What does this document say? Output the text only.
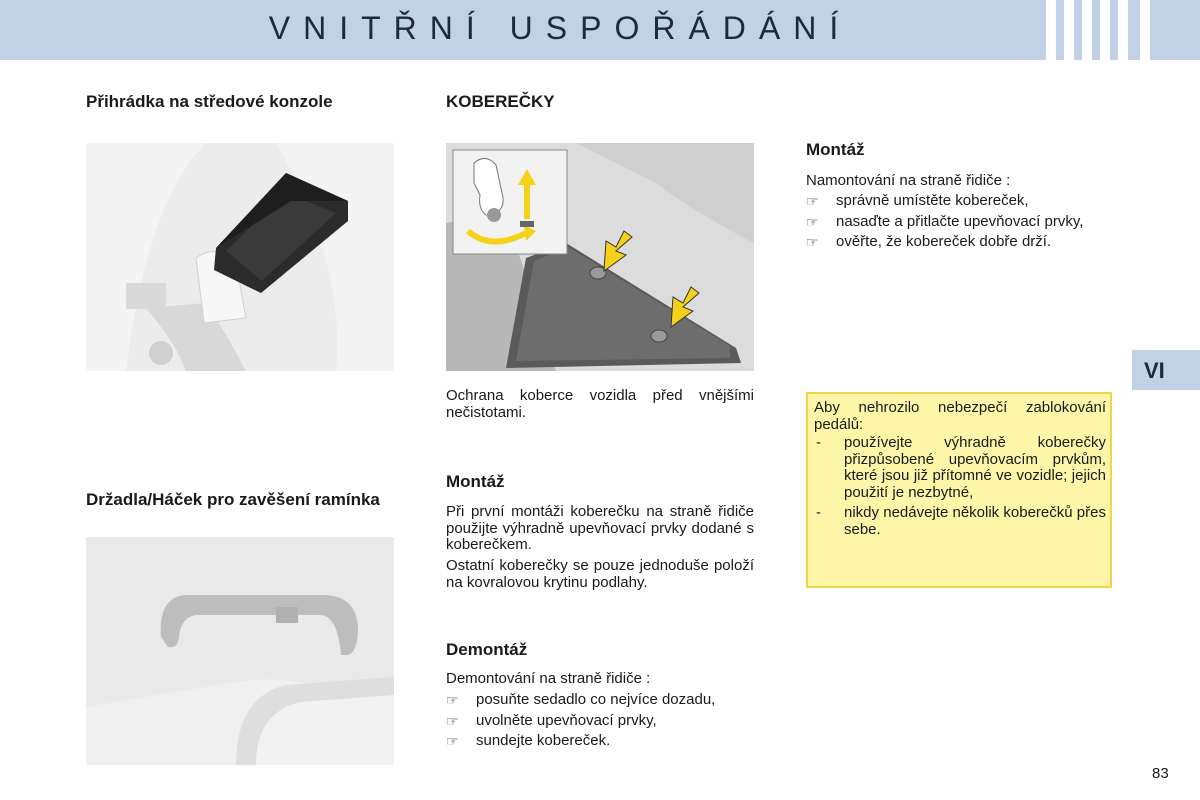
VNITŘNÍ USPOŘÁDÁNÍ
Přihrádka na středové konzole
Držadla/Háček pro zavěšení ramínka
KOBEREČKY
Ochrana koberce vozidla před vnějšími nečistotami.
Montáž
Při první montáži koberečku na straně řidiče použijte výhradně upevňovací prvky dodané s koberečkem.
Ostatní koberečky se pouze jednoduše položí na kovralovou krytinu podlahy.
Demontáž
Demontování na straně řidiče :
☞ posuňte sedadlo co nejvíce dozadu,
☞ uvolněte upevňovací prvky,
☞ sundejte kobereček.
Montáž
Namontování na straně řidiče :
☞ správně umístěte kobereček,
☞ nasaďte a přitlačte upevňovací prvky,
☞ ověřte, že kobereček dobře drží.
VI
Aby nehrozilo nebezpečí zablokování pedálů:
- používejte výhradně koberečky přizpůsobené upevňovacím prvkům, které jsou již přítomné ve vozidle; jejich použití je nezbytné,
- nikdy nedávejte několik koberečků přes sebe.
83
